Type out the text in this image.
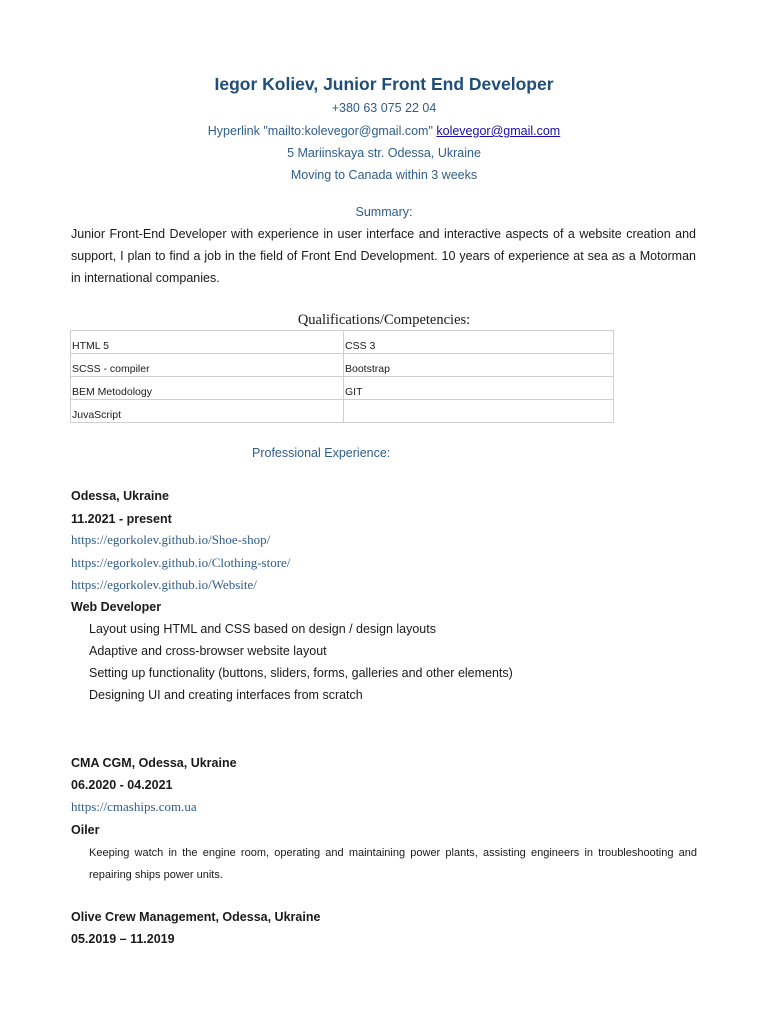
Iegor Koliev, Junior Front End Developer
+380 63 075 22 04
Hyperlink "mailto:kolevegor@gmail.com" kolevegor@gmail.com
5 Mariinskaya str. Odessa, Ukraine
Moving to Canada within 3 weeks
Summary:
Junior Front-End Developer with experience in user interface and interactive aspects of a website creation and support, I plan to find a job in the field of Front End Development. 10 years of experience at sea as a Motorman in international companies.
Qualifications/Competencies:
HTML 5	CSS 3
SCSS - compiler	Bootstrap
BEM Metodology	GIT
JuvaScript	
Professional Experience:
Odessa, Ukraine
11.2021 - present
https://egorkolev.github.io/Shoe-shop/
https://egorkolev.github.io/Clothing-store/
https://egorkolev.github.io/Website/
Web Developer
Layout using HTML and CSS based on design / design layouts
Adaptive and cross-browser website layout
Setting up functionality (buttons, sliders, forms, galleries and other elements)
Designing UI and creating interfaces from scratch
CMA CGM, Odessa, Ukraine
06.2020 - 04.2021
https://cmaships.com.ua
Oiler
Keeping watch in the engine room, operating and maintaining power plants, assisting engineers in troubleshooting and repairing ships power units.
Olive Crew Management, Odessa, Ukraine
05.2019 – 11.2019
